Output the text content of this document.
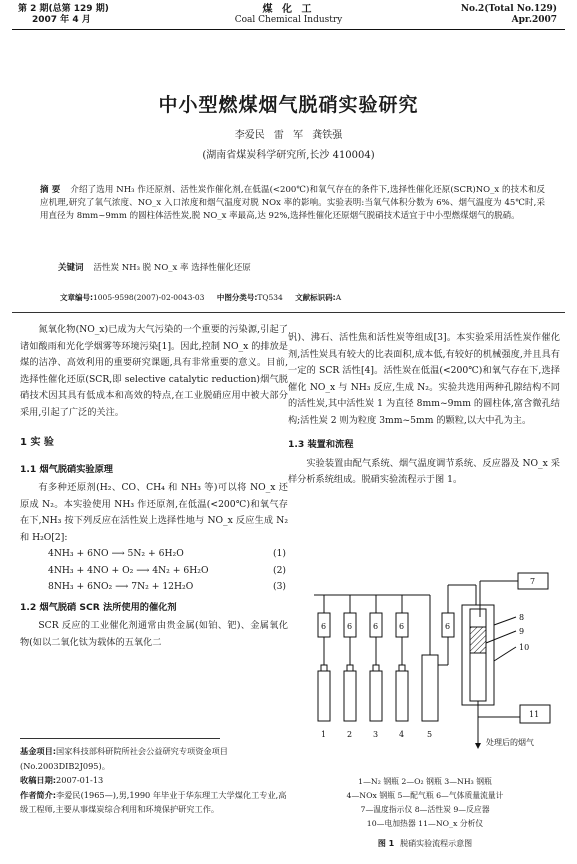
第 2 期(总第 129 期)
2007 年 4 月
煤 化 工
Coal Chemical Industry
No.2(Total No.129)
Apr.2007
中小型燃煤烟气脱硝实验研究
李爱民 雷 军 龚铁强
(湖南省煤炭科学研究所,长沙 410004)
摘 要 介绍了选用 NH₃ 作还原剂、活性炭作催化剂,在低温(<200℃)和氧气存在的条件下,选择性催化还原(SCR)NO_x 的技术和反应机理,研究了氧气浓度、NO_x 入口浓度和烟气温度对脱 NOx 率的影响。实验表明:当氧气体积分数为 6%、烟气温度为 45℃时,采用直径为 8mm~9mm 的圆柱体活性炭,脱 NO_x 率最高,达 92%,选择性催化还原烟气脱硝技术适宜于中小型燃煤烟气的脱硝。
关键词 活性炭 NH₃ 脱 NO_x 率 选择性催化还原
文章编号:1005-9598(2007)-02-0043-03 中图分类号:TQ534 文献标识码:A

氮氧化物(NO_x)已成为大气污染的一个重要的污染源,引起了诸如酸雨和光化学烟雾等环境污染[1]。因此,控制 NO_x 的排放是煤的洁净、高效利用的重要研究课题,具有非常重要的意义。目前,选择性催化还原(SCR,即 selective catalytic reduction)烟气脱硝技术因其具有低成本和高效的特点,在工业脱硝应用中被大部分采用,引起了广泛的关注。

1 实 验
1.1 烟气脱硝实验原理

有多种还原剂(H₂、CO、CH₄ 和 NH₃ 等)可以将 NO_x 还原成 N₂。本实验使用 NH₃ 作还原剂,在低温(<200℃)和氧气存在下,NH₃ 按下列反应在活性炭上选择性地与 NO_x 反应生成 N₂ 和 H₂O[2]:

4NH₃ + 6NO ⟶ 5N₂ + 6H₂O	(1)
4NH₃ + 4NO + O₂ ⟶ 4N₂ + 6H₂O	(2)
8NH₃ + 6NO₂ ⟶ 7N₂ + 12H₂O	(3)
1.2 烟气脱硝 SCR 法所使用的催化剂

SCR 反应的工业催化剂通常由贵金属(如铂、钯)、金属氧化物(如以二氧化钛为载体的五氧化二

基金项目:国家科技部科研院所社会公益研究专项资金项目(No.2003DIB2J095)。
收稿日期:2007-01-13
作者简介:李爱民(1965—),男,1990 年毕业于华东理工大学煤化工专业,高级工程师,主要从事煤炭综合利用和环境保护研究工作。

钒)、沸石、活性焦和活性炭等组成[3]。本实验采用活性炭作催化剂,活性炭具有较大的比表面积,成本低,有较好的机械强度,并且具有一定的 SCR 活性[4]。活性炭在低温(<200℃)和氧气存在下,选择催化 NO_x 与 NH₃ 反应,生成 N₂。实验共选用两种孔隙结构不同的活性炭,其中活性炭 1 为直径 8mm~9mm 的圆柱体,富含微孔结构;活性炭 2 则为粒度 3mm~5mm 的颗粒,以大中孔为主。

1.3 装置和流程

实验装置由配气系统、烟气温度调节系统、反应器及 NO_x 采样分析系统组成。脱硝实验流程示于图 1。

6	6	6	6	6
1	2	3	4	5
7
8
9
10
11
处理后的烟气
1—N₂ 钢瓶 2—O₂ 钢瓶 3—NH₃ 钢瓶
4—NOx 钢瓶 5—配气瓶 6—气体质量流量计
7—温度指示仪 8—活性炭 9—反应器
10—电加热器 11—NO_x 分析仪
图 1 脱硝实验流程示意图
